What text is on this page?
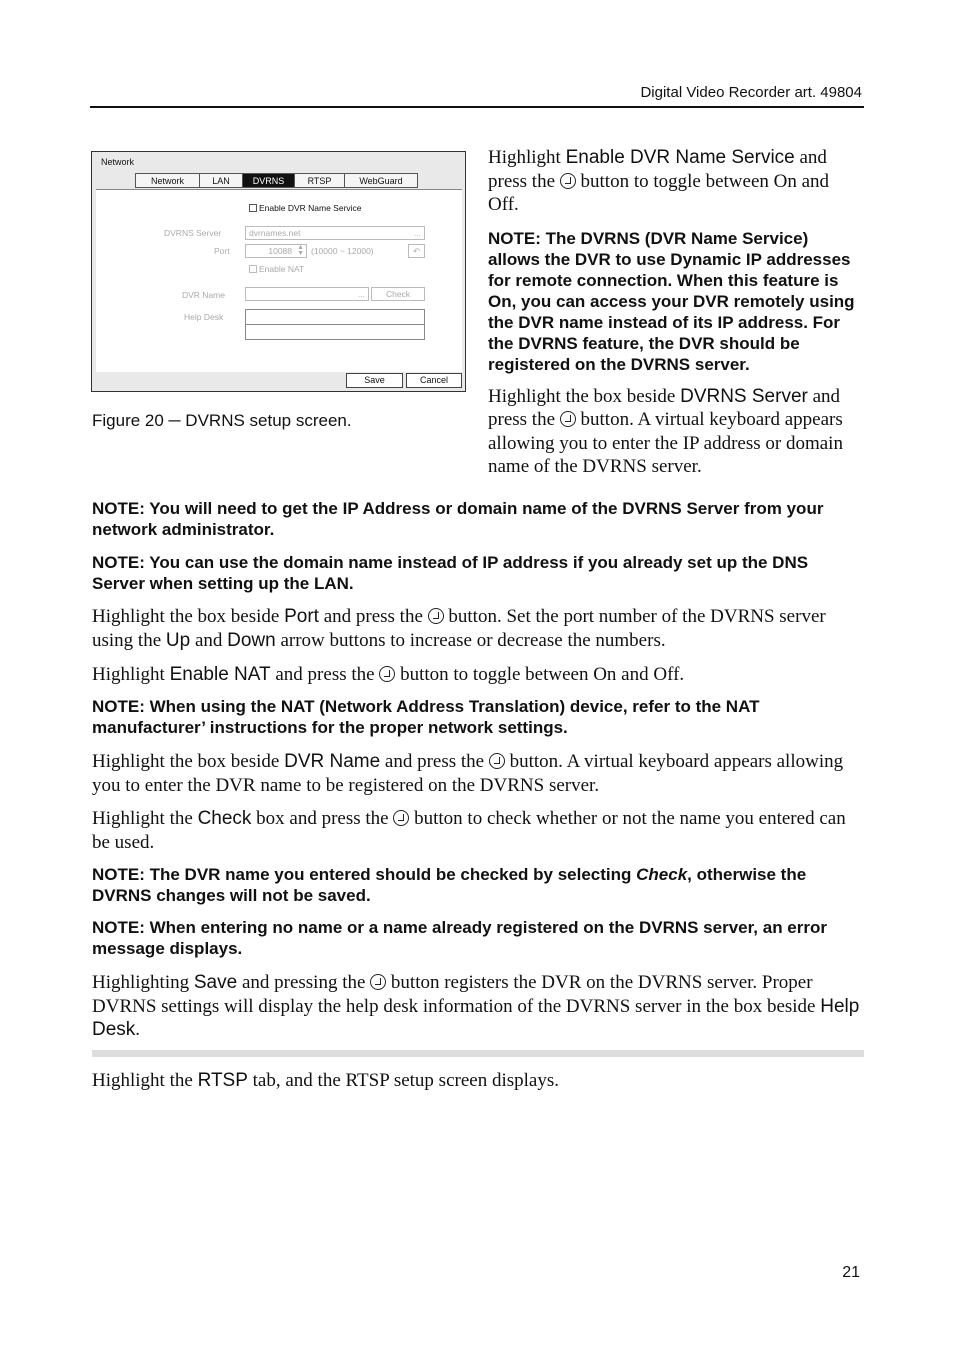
Digital Video Recorder art. 49804
Network
Network	LAN	DVRNS	RTSP	WebGuard
Enable DVR Name Service
DVRNS Server	dvrnames.net	...
Port	10088 ▲
▼ (10000 ~ 12000)	↶
Enable NAT
DVR Name	...	Check
Help Desk
Save	Cancel
Figure 20 ─ DVRNS setup screen.

Highlight Enable DVR Name Service and press the  button to toggle between On and Off.

NOTE: The DVRNS (DVR Name Service) allows the DVR to use Dynamic IP addresses for remote connection. When this feature is On, you can access your DVR remotely using the DVR name instead of its IP address. For the DVRNS feature, the DVR should be registered on the DVRNS server.

Highlight the box beside DVRNS Server and press the  button. A virtual keyboard appears allowing you to enter the IP address or domain name of the DVRNS server.

NOTE: You will need to get the IP Address or domain name of the DVRNS Server from your network administrator.

NOTE: You can use the domain name instead of IP address if you already set up the DNS Server when setting up the LAN.

Highlight the box beside Port and press the  button. Set the port number of the DVRNS server using the Up and Down arrow buttons to increase or decrease the numbers.

Highlight Enable NAT and press the  button to toggle between On and Off.

NOTE: When using the NAT (Network Address Translation) device, refer to the NAT manufacturer’ instructions for the proper network settings.

Highlight the box beside DVR Name and press the  button. A virtual keyboard appears allowing you to enter the DVR name to be registered on the DVRNS server.

Highlight the Check box and press the  button to check whether or not the name you entered can be used.

NOTE: The DVR name you entered should be checked by selecting Check, otherwise the DVRNS changes will not be saved.

NOTE: When entering no name or a name already registered on the DVRNS server, an error message displays.

Highlighting Save and pressing the  button registers the DVR on the DVRNS server. Proper DVRNS settings will display the help desk information of the DVRNS server in the box beside Help Desk.

Highlight the RTSP tab, and the RTSP setup screen displays.

21
